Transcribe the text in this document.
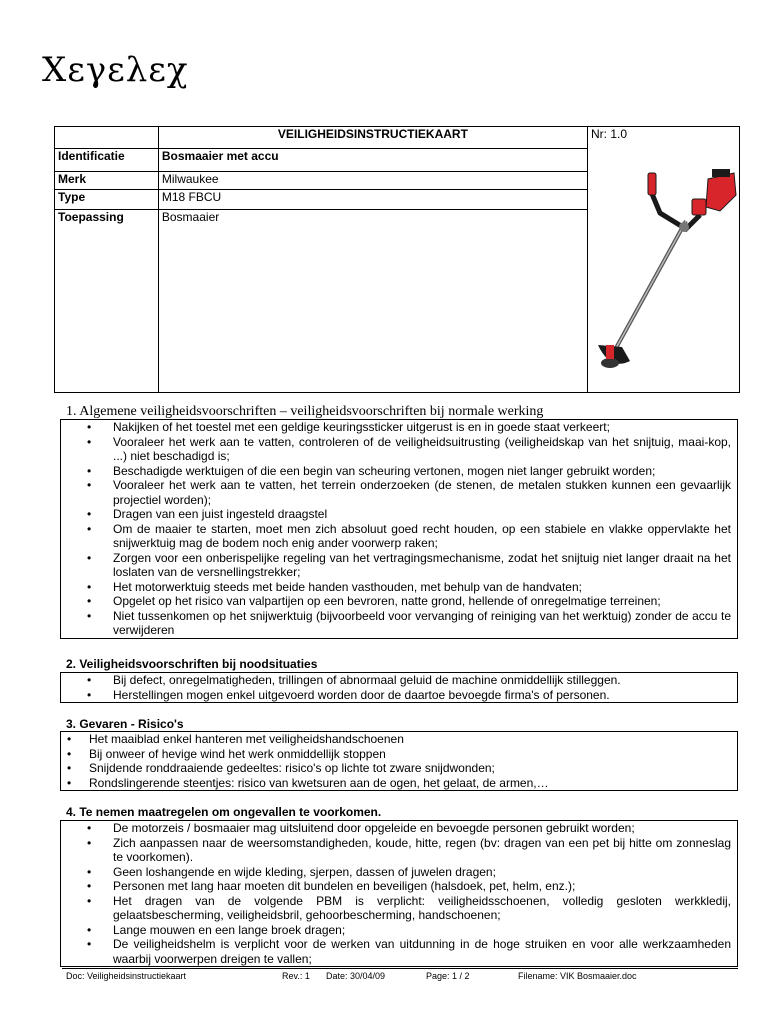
Χεγελεχ
	VEILIGHEIDSINSTRUCTIEKAART	Nr: 1.0
Identificatie	Bosmaaier met accu	
Merk	Milwaukee	
Type	M18 FBCU	
Toepassing	Bosmaaier	
1. Algemene veiligheidsvoorschriften – veiligheidsvoorschriften bij normale werking
• Nakijken of het toestel met een geldige keuringssticker uitgerust is en in goede staat verkeert;
• Vooraleer het werk aan te vatten, controleren of de veiligheidsuitrusting (veiligheidskap van het snijtuig, maai-kop, ...) niet beschadigd is;
• Beschadigde werktuigen of die een begin van scheuring vertonen, mogen niet langer gebruikt worden;
• Vooraleer het werk aan te vatten, het terrein onderzoeken (de stenen, de metalen stukken kunnen een gevaarlijk projectiel worden);
• Dragen van een juist ingesteld draagstel
• Om de maaier te starten, moet men zich absoluut goed recht houden, op een stabiele en vlakke oppervlakte het snijwerktuig mag de bodem noch enig ander voorwerp raken;
• Zorgen voor een onberispelijke regeling van het vertragingsmechanisme, zodat het snijtuig niet langer draait na het loslaten van de versnellingstrekker;
• Het motorwerktuig steeds met beide handen vasthouden, met behulp van de handvaten;
• Opgelet op het risico van valpartijen op een bevroren, natte grond, hellende of onregelmatige terreinen;
• Niet tussenkomen op het snijwerktuig (bijvoorbeeld voor vervanging of reiniging van het werktuig) zonder de accu te verwijderen
2. Veiligheidsvoorschriften bij noodsituaties
• Bij defect, onregelmatigheden, trillingen of abnormaal geluid de machine onmiddellijk stilleggen.
• Herstellingen mogen enkel uitgevoerd worden door de daartoe bevoegde firma's of personen.
3. Gevaren - Risico's
• Het maaiblad enkel hanteren met veiligheidshandschoenen
• Bij onweer of hevige wind het werk onmiddellijk stoppen
• Snijdende ronddraaiende gedeeltes: risico's op lichte tot zware snijdwonden;
• Rondslingerende steentjes: risico van kwetsuren aan de ogen, het gelaat, de armen,…
4. Te nemen maatregelen om ongevallen te voorkomen.
• De motorzeis / bosmaaier mag uitsluitend door opgeleide en bevoegde personen gebruikt worden;
• Zich aanpassen naar de weersomstandigheden, koude, hitte, regen (bv: dragen van een pet bij hitte om zonneslag te voorkomen).
• Geen loshangende en wijde kleding, sjerpen, dassen of juwelen dragen;
• Personen met lang haar moeten dit bundelen en beveiligen (halsdoek, pet, helm, enz.);
• Het dragen van de volgende PBM is verplicht: veiligheidsschoenen, volledig gesloten werkkledij, gelaatsbescherming, veiligheidsbril, gehoorbescherming, handschoenen;
• Lange mouwen en een lange broek dragen;
• De veiligheidshelm is verplicht voor de werken van uitdunning in de hoge struiken en voor alle werkzaamheden waarbij voorwerpen dreigen te vallen;
Doc: Veiligheidsinstructiekaart	Rev.: 1 Date: 30/04/09	Page: 1 / 2	Filename: VIK Bosmaaier.doc
